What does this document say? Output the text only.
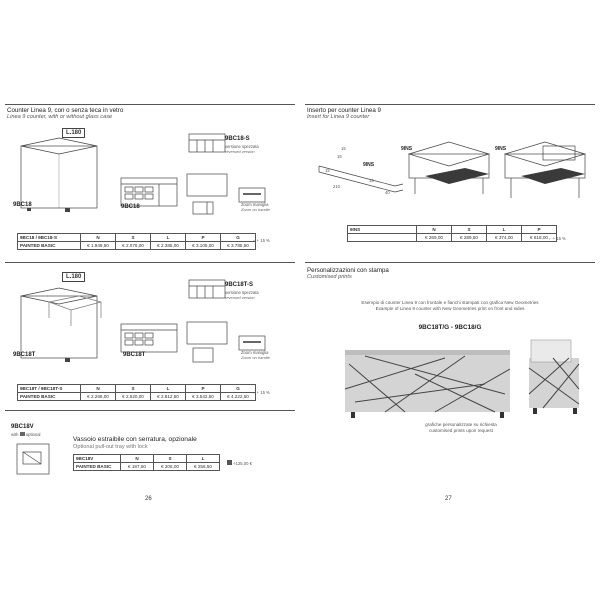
Counter Linea 9, con o senza teca in vetro
Linea 9 counter, with or without glass case
L.180
9BC18	9BC18
9BC18-S
versione spezzata
reversed version
Zoom maniglia
Zoom on handle
9BC18 / 9BC18-S	N	S	L	P	G
PAINTED BASIC	€ 1.949,50	€ 2.076,00	€ 2.385,00	€ 3.105,00	€ 3.785,50
⌐ + 15 %
L.180
9BC18T	9BC18T
9BC18T-S
versione spezzata
reversed version
Zoom maniglia
Zoom on handle
9BC18T / 9BC18T-S	N	S	L	P	G
PAINTED BASIC	€ 2.268,00	€ 2.520,00	€ 2.812,50	€ 3.542,50	€ 4.222,50
⌐ + 15 %
9BC18V
with optional
Vassoio estraibile con serratura, opzionale
Optional pull-out tray with lock
9BC18V	N	S	L
PAINTED BASIC	€ 187,50	€ 206,00	€ 256,50
+125,00 €
26
Inserto per counter Linea 9
Insert for Linea 9 counter
15
15
9INS
15
210
40
15
9INS	9INS
9INS	N	S	L	P
	€ 269,00	€ 289,50	€ 374,00	€ 618,00 ⌐ + 15 %
Personalizzazioni con stampa
Customised prints
Esempio di counter Linea 9 con frontale e fianchi stampati con grafica New Geometries
Example of Linea 9 counter with New Geometries print on front and sides
9BC18T/G - 9BC18/G
grafiche personalizzate su richiesta
customised prints upon request
27
